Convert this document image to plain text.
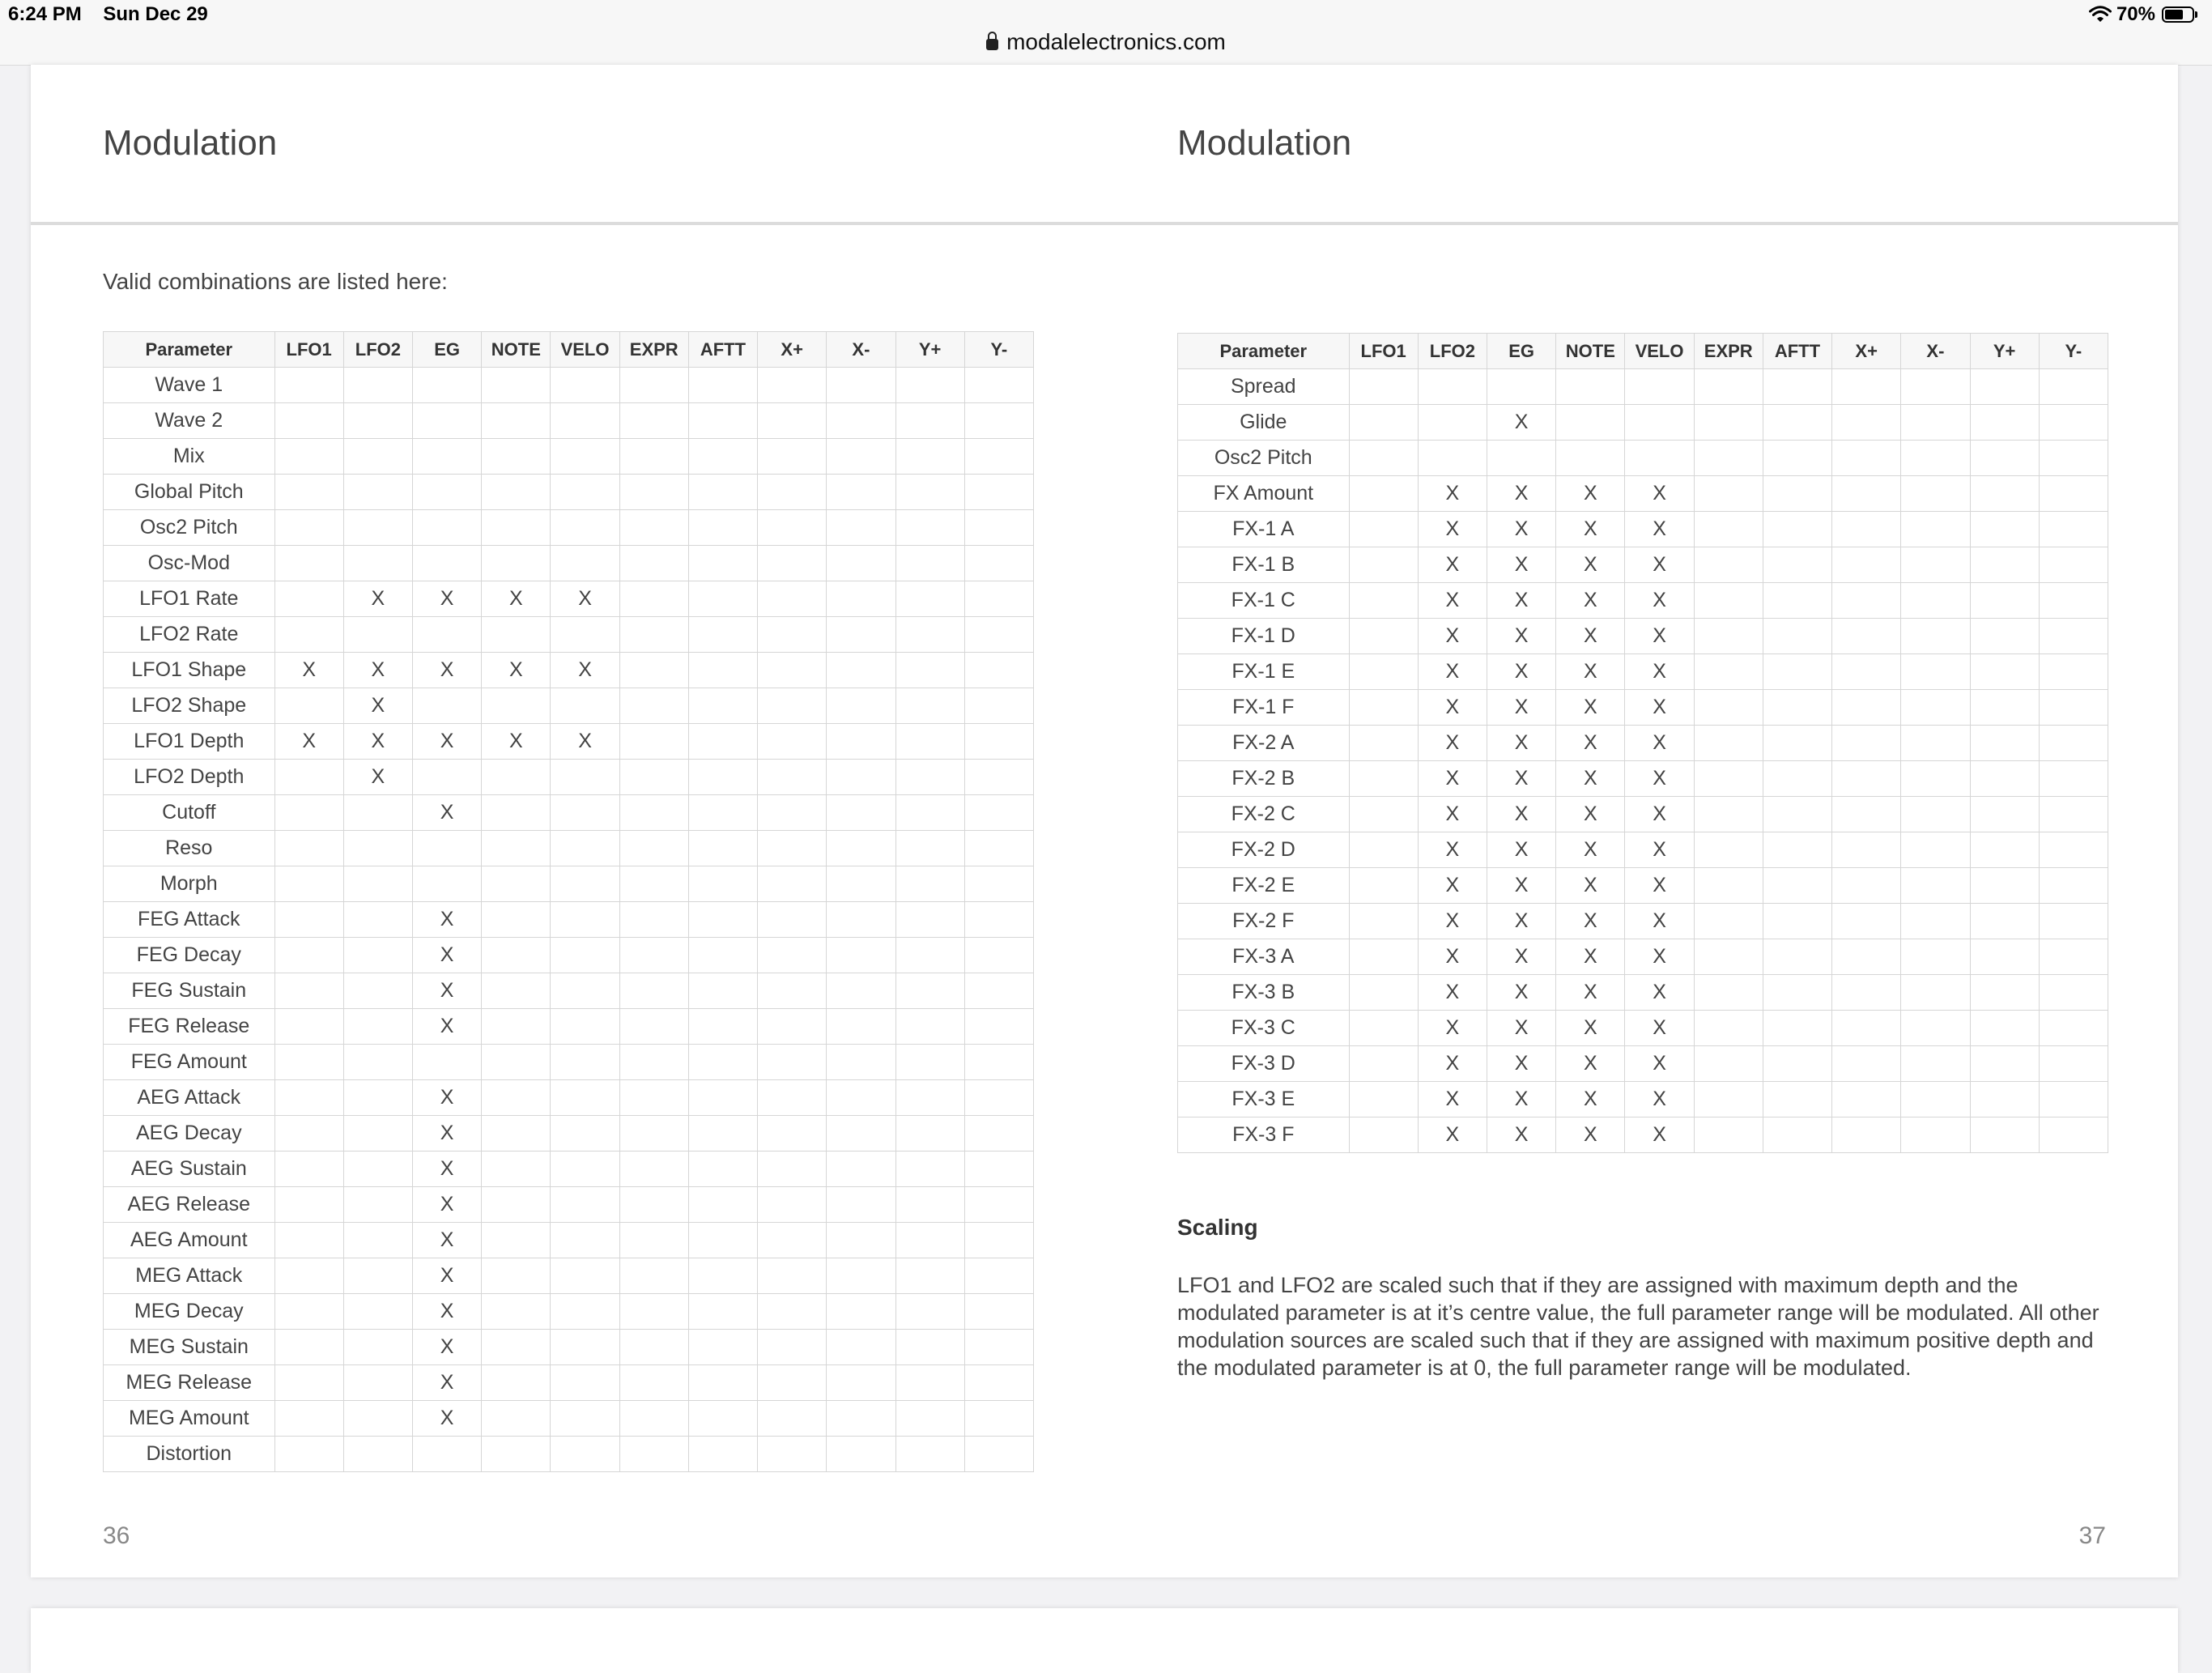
6:24 PM Sun Dec 29	70%
modalelectronics.com
Modulation	Modulation
Valid combinations are listed here:
Parameter	LFO1	LFO2	EG	NOTE	VELO	EXPR	AFTT	X+	X-	Y+	Y-
Wave 1											
Wave 2											
Mix											
Global Pitch											
Osc2 Pitch											
Osc-Mod											
LFO1 Rate		X	X	X	X						
LFO2 Rate											
LFO1 Shape	X	X	X	X	X						
LFO2 Shape		X									
LFO1 Depth	X	X	X	X	X						
LFO2 Depth		X									
Cutoff			X								
Reso											
Morph											
FEG Attack			X								
FEG Decay			X								
FEG Sustain			X								
FEG Release			X								
FEG Amount											
AEG Attack			X								
AEG Decay			X								
AEG Sustain			X								
AEG Release			X								
AEG Amount			X								
MEG Attack			X								
MEG Decay			X								
MEG Sustain			X								
MEG Release			X								
MEG Amount			X								
Distortion											
Parameter	LFO1	LFO2	EG	NOTE	VELO	EXPR	AFTT	X+	X-	Y+	Y-
Spread											
Glide			X								
Osc2 Pitch											
FX Amount		X	X	X	X						
FX-1 A		X	X	X	X						
FX-1 B		X	X	X	X						
FX-1 C		X	X	X	X						
FX-1 D		X	X	X	X						
FX-1 E		X	X	X	X						
FX-1 F		X	X	X	X						
FX-2 A		X	X	X	X						
FX-2 B		X	X	X	X						
FX-2 C		X	X	X	X						
FX-2 D		X	X	X	X						
FX-2 E		X	X	X	X						
FX-2 F		X	X	X	X						
FX-3 A		X	X	X	X						
FX-3 B		X	X	X	X						
FX-3 C		X	X	X	X						
FX-3 D		X	X	X	X						
FX-3 E		X	X	X	X						
FX-3 F		X	X	X	X						
Scaling
LFO1 and LFO2 are scaled such that if they are assigned with maximum depth and the modulated parameter is at it’s centre value, the full parameter range will be modulated. All other modulation sources are scaled such that if they are assigned with maximum positive depth and the modulated parameter is at 0, the full parameter range will be modulated.
36	37
